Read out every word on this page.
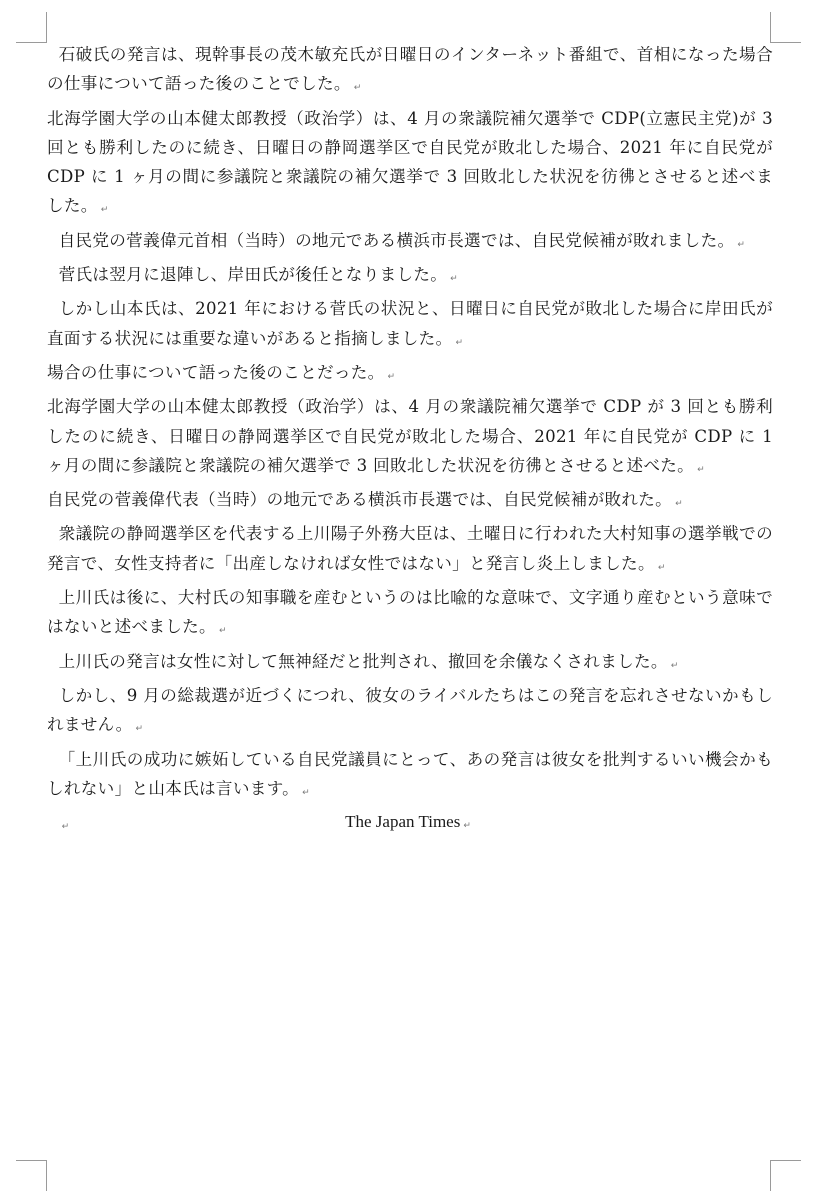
石破氏の発言は、現幹事長の茂木敏充氏が日曜日のインターネット番組で、首相になった場合の仕事について語った後のことでした。 ↵

北海学園大学の山本健太郎教授（政治学）は、4 月の衆議院補欠選挙で CDP(立憲民主党)が 3 回とも勝利したのに続き、日曜日の静岡選挙区で自民党が敗北した場合、2021 年に自民党が CDP に 1 ヶ月の間に参議院と衆議院の補欠選挙で 3 回敗北した状況を彷彿とさせると述べました。 ↵

自民党の菅義偉元首相（当時）の地元である横浜市長選では、自民党候補が敗れました。 ↵

菅氏は翌月に退陣し、岸田氏が後任となりました。 ↵

しかし山本氏は、2021 年における菅氏の状況と、日曜日に自民党が敗北した場合に岸田氏が直面する状況には重要な違いがあると指摘しました。 ↵

場合の仕事について語った後のことだった。 ↵

北海学園大学の山本健太郎教授（政治学）は、4 月の衆議院補欠選挙で CDP が 3 回とも勝利したのに続き、日曜日の静岡選挙区で自民党が敗北した場合、2021 年に自民党が CDP に 1 ヶ月の間に参議院と衆議院の補欠選挙で 3 回敗北した状況を彷彿とさせると述べた。 ↵

自民党の菅義偉代表（当時）の地元である横浜市長選では、自民党候補が敗れた。 ↵

衆議院の静岡選挙区を代表する上川陽子外務大臣は、土曜日に行われた大村知事の選挙戦での発言で、女性支持者に「出産しなければ女性ではない」と発言し炎上しました。 ↵

上川氏は後に、大村氏の知事職を産むというのは比喩的な意味で、文字通り産むという意味ではないと述べました。 ↵

上川氏の発言は女性に対して無神経だと批判され、撤回を余儀なくされました。 ↵

しかし、9 月の総裁選が近づくにつれ、彼女のライバルたちはこの発言を忘れさせないかもしれません。 ↵

「上川氏の成功に嫉妬している自民党議員にとって、あの発言は彼女を批判するいい機会かもしれない」と山本氏は言います。 ↵

↵	The Japan Times ↵
